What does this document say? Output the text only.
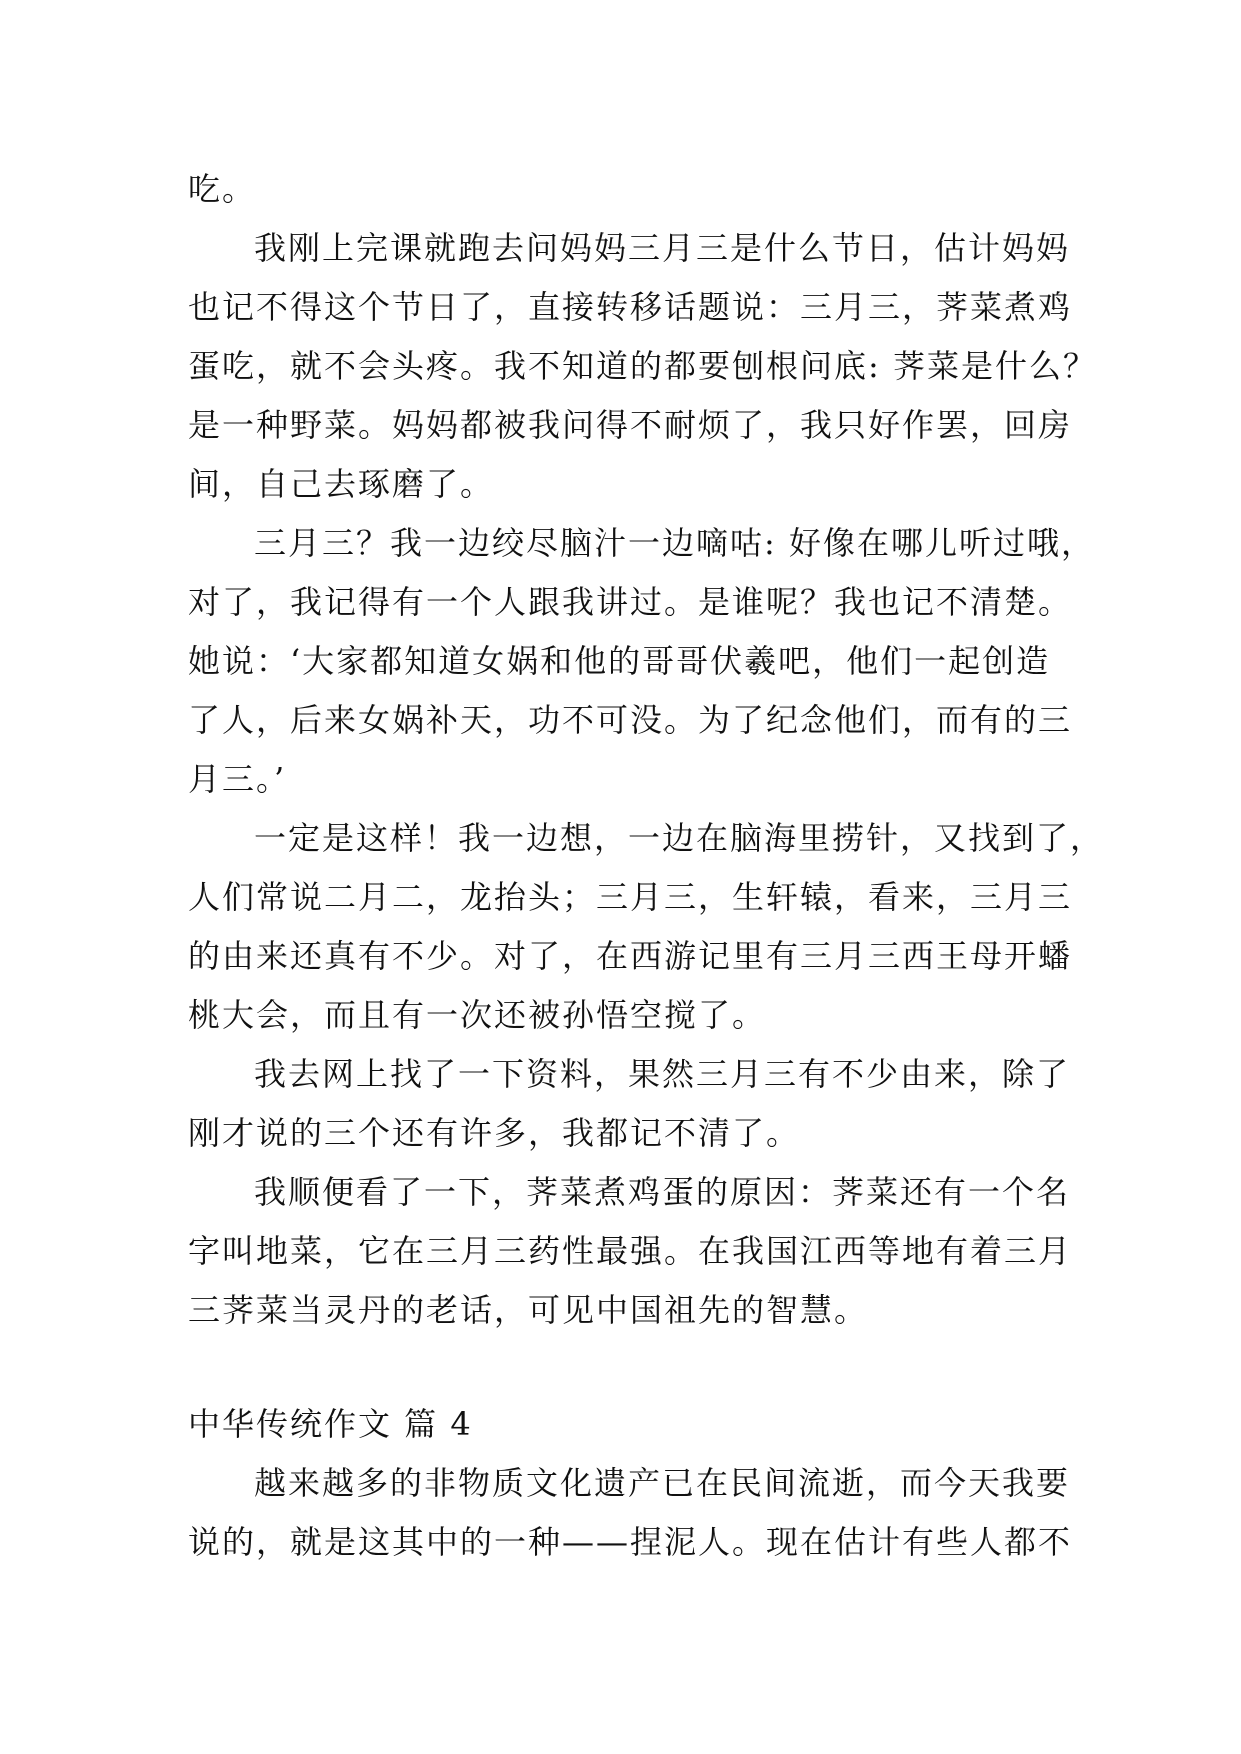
吃。
我刚上完课就跑去问妈妈三月三是什么节日，估计妈妈
也记不得这个节日了，直接转移话题说：三月三，荠菜煮鸡
蛋吃，就不会头疼。我不知道的都要刨根问底: 荠菜是什么？
是一种野菜。妈妈都被我问得不耐烦了，我只好作罢，回房
间，自己去琢磨了。
三月三？我一边绞尽脑汁一边嘀咕: 好像在哪儿听过哦，
对了，我记得有一个人跟我讲过。是谁呢？我也记不清楚。
她说：‘大家都知道女娲和他的哥哥伏羲吧，他们一起创造
了人，后来女娲补天，功不可没。为了纪念他们，而有的三
月三。’
一定是这样！我一边想，一边在脑海里捞针，又找到了，
人们常说二月二，龙抬头；三月三，生轩辕，看来，三月三
的由来还真有不少。对了，在西游记里有三月三西王母开蟠
桃大会，而且有一次还被孙悟空搅了。
我去网上找了一下资料，果然三月三有不少由来，除了
刚才说的三个还有许多，我都记不清了。
我顺便看了一下，荠菜煮鸡蛋的原因：荠菜还有一个名
字叫地菜，它在三月三药性最强。在我国江西等地有着三月
三荠菜当灵丹的老话，可见中国祖先的智慧。
中华传统作文 篇 4
越来越多的非物质文化遗产已在民间流逝，而今天我要
说的，就是这其中的一种——捏泥人。现在估计有些人都不
